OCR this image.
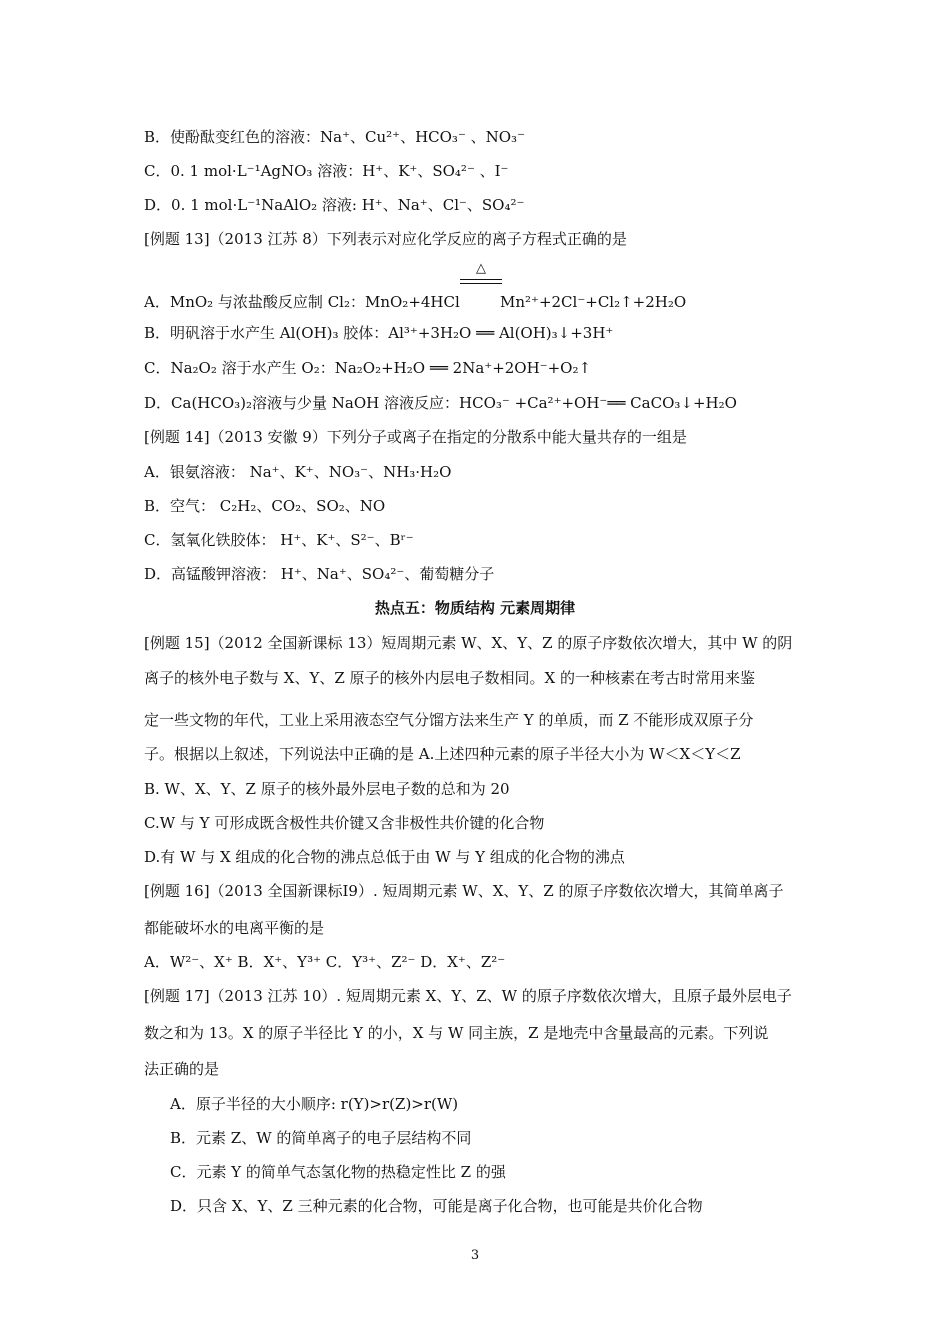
B．使酚酞变红色的溶液：Na⁺、Cu²⁺、HCO₃⁻ 、NO₃⁻
C．0. 1 mol·L⁻¹AgNO₃ 溶液：H⁺、K⁺、SO₄²⁻ 、I⁻
D．0. 1 mol·L⁻¹NaAlO₂ 溶液: H⁺、Na⁺、Cl⁻、SO₄²⁻
[例题 13]（2013 江苏 8）下列表示对应化学反应的离子方程式正确的是
△
A．MnO₂ 与浓盐酸反应制 Cl₂：MnO₂+4HCl	Mn²⁺+2Cl⁻+Cl₂↑+2H₂O
B．明矾溶于水产生 Al(OH)₃ 胶体：Al³⁺+3H₂O ══ Al(OH)₃↓+3H⁺
C．Na₂O₂ 溶于水产生 O₂：Na₂O₂+H₂O ══ 2Na⁺+2OH⁻+O₂↑
D．Ca(HCO₃)₂溶液与少量 NaOH 溶液反应：HCO₃⁻ +Ca²⁺+OH⁻══ CaCO₃↓+H₂O
[例题 14]（2013 安徽 9）下列分子或离子在指定的分散系中能大量共存的一组是
A．银氨溶液： Na⁺、K⁺、NO₃⁻、NH₃·H₂O
B．空气： C₂H₂、CO₂、SO₂、NO
C．氢氧化铁胶体： H⁺、K⁺、S²⁻、Bʳ⁻
D．高锰酸钾溶液： H⁺、Na⁺、SO₄²⁻、葡萄糖分子
热点五：物质结构 元素周期律
[例题 15]（2012 全国新课标 13）短周期元素 W、X、Y、Z 的原子序数依次增大，其中 W 的阴
离子的核外电子数与 X、Y、Z 原子的核外内层电子数相同。X 的一种核素在考古时常用来鉴
定一些文物的年代，工业上采用液态空气分馏方法来生产 Y 的单质，而 Z 不能形成双原子分
子。根据以上叙述，下列说法中正确的是 A.上述四种元素的原子半径大小为 W＜X＜Y＜Z
B. W、X、Y、Z 原子的核外最外层电子数的总和为 20
C.W 与 Y 可形成既含极性共价键又含非极性共价键的化合物
D.有 W 与 X 组成的化合物的沸点总低于由 W 与 Y 组成的化合物的沸点
[例题 16]（2013 全国新课标Ⅰ9）. 短周期元素 W、X、Y、Z 的原子序数依次增大，其简单离子
都能破坏水的电离平衡的是
A．W²⁻、X⁺ B．X⁺、Y³⁺ C．Y³⁺、Z²⁻ D．X⁺、Z²⁻
[例题 17]（2013 江苏 10）. 短周期元素 X、Y、Z、W 的原子序数依次增大，且原子最外层电子
数之和为 13。X 的原子半径比 Y 的小，X 与 W 同主族，Z 是地壳中含量最高的元素。下列说
法正确的是
A．原子半径的大小顺序: r(Y)>r(Z)>r(W)
B．元素 Z、W 的简单离子的电子层结构不同
C．元素 Y 的简单气态氢化物的热稳定性比 Z 的强
D．只含 X、Y、Z 三种元素的化合物，可能是离子化合物，也可能是共价化合物
3
